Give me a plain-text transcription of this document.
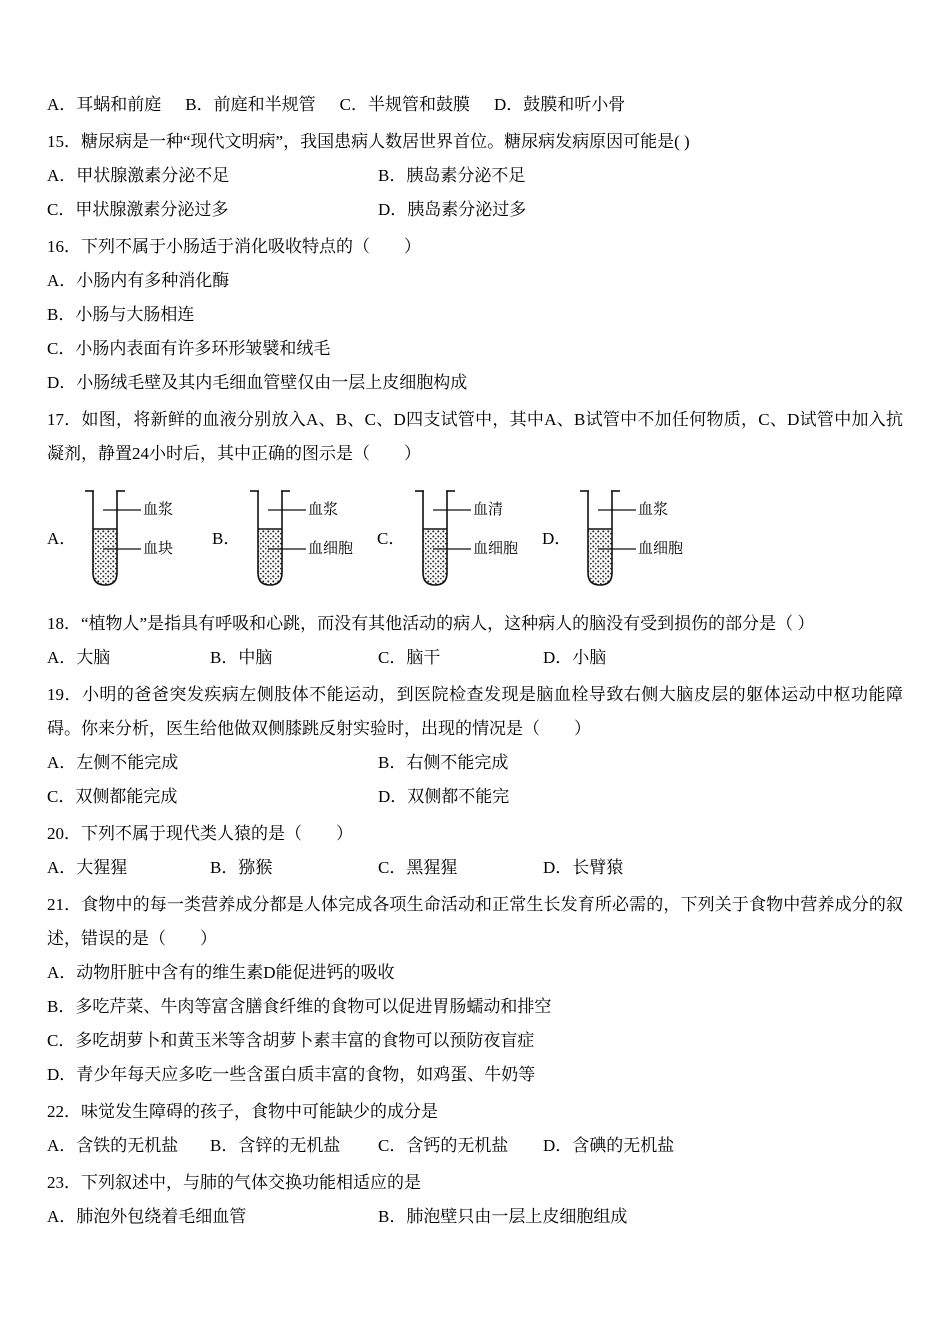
A．耳蜗和前庭 B．前庭和半规管 C．半规管和鼓膜 D．鼓膜和听小骨

15．糖尿病是一种“现代文明病”，我国患病人数居世界首位。糖尿病发病原因可能是( )

A．甲状腺激素分泌不足	B．胰岛素分泌不足
C．甲状腺激素分泌过多	D．胰岛素分泌过多

16．下列不属于小肠适于消化吸收特点的（　　）

A．小肠内有多种消化酶

B．小肠与大肠相连

C．小肠内表面有许多环形皱襞和绒毛

D．小肠绒毛壁及其内毛细血管壁仅由一层上皮细胞构成

17．如图，将新鲜的血液分别放入A、B、C、D四支试管中，其中A、B试管中不加任何物质，C、D试管中加入抗凝剂，静置24小时后，其中正确的图示是（　　）

A．
血浆
血块
B．
血浆
血细胞
C．
血清
血细胞
D．
血浆
血细胞

18．“植物人”是指具有呼吸和心跳，而没有其他活动的病人，这种病人的脑没有受到损伤的部分是（ ）

A．大脑	B．中脑	C．脑干	D．小脑

19．小明的爸爸突发疾病左侧肢体不能运动，到医院检查发现是脑血栓导致右侧大脑皮层的躯体运动中枢功能障碍。你来分析，医生给他做双侧膝跳反射实验时，出现的情况是（　　）

A．左侧不能完成	B．右侧不能完成
C．双侧都能完成	D．双侧都不能完

20．下列不属于现代类人猿的是（　　）

A．大猩猩	B．猕猴	C．黑猩猩	D．长臂猿

21．食物中的每一类营养成分都是人体完成各项生命活动和正常生长发育所必需的，下列关于食物中营养成分的叙述，错误的是（　　）

A．动物肝脏中含有的维生素D能促进钙的吸收

B．多吃芹菜、牛肉等富含膳食纤维的食物可以促进胃肠蠕动和排空

C．多吃胡萝卜和黄玉米等含胡萝卜素丰富的食物可以预防夜盲症

D．青少年每天应多吃一些含蛋白质丰富的食物，如鸡蛋、牛奶等

22．味觉发生障碍的孩子，食物中可能缺少的成分是

A．含铁的无机盐	B．含锌的无机盐	C．含钙的无机盐	D．含碘的无机盐

23．下列叙述中，与肺的气体交换功能相适应的是

A．肺泡外包绕着毛细血管	B．肺泡壁只由一层上皮细胞组成
